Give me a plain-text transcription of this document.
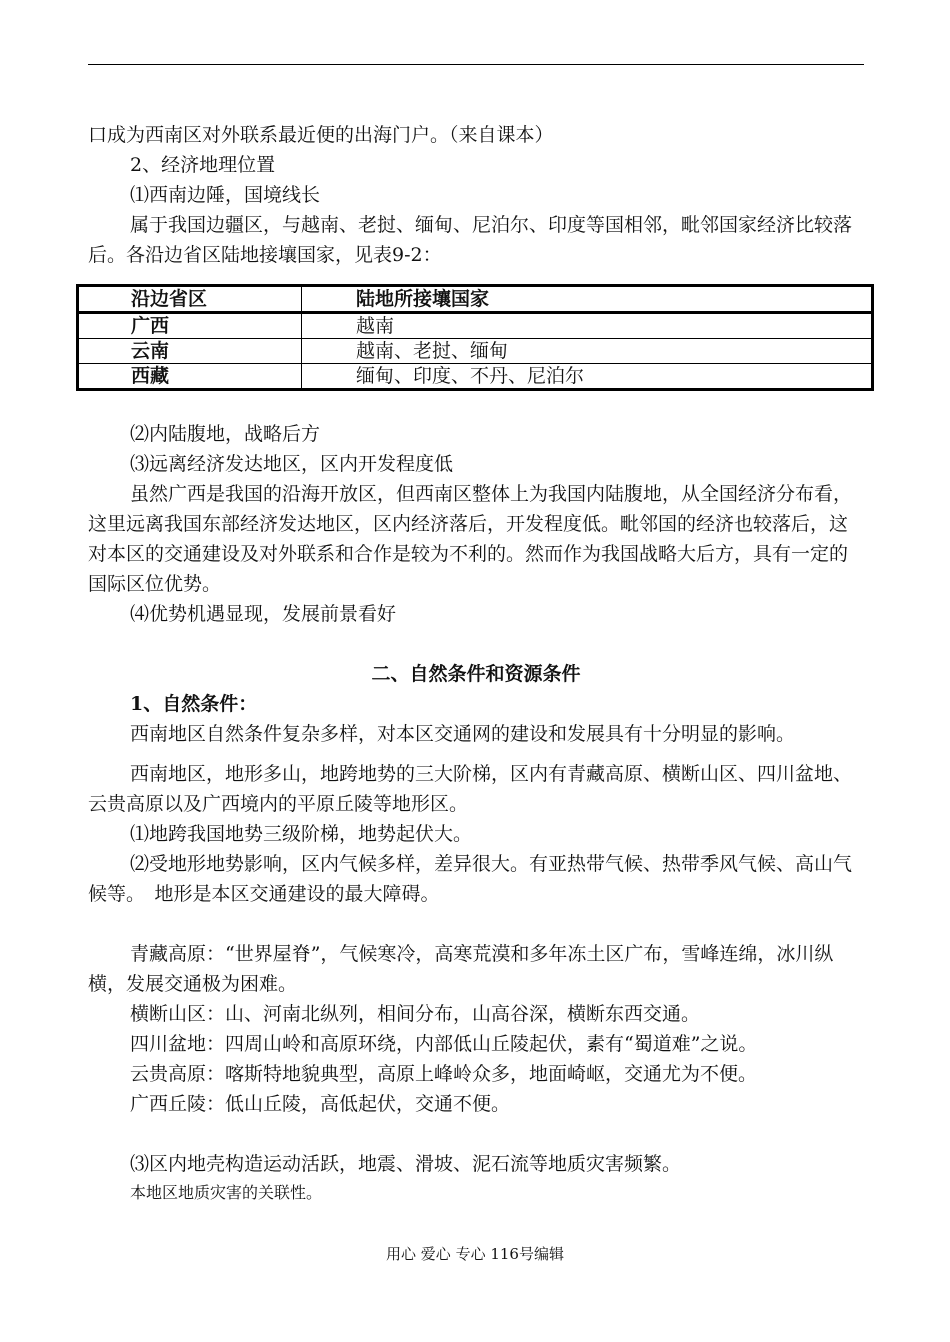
口成为西南区对外联系最近便的出海门户。（来自课本）

2、经济地理位置

⑴西南边陲，国境线长

属于我国边疆区，与越南、老挝、缅甸、尼泊尔、印度等国相邻，毗邻国家经济比较落后。各沿边省区陆地接壤国家，见表9-2：

沿边省区	陆地所接壤国家
广西	越南
云南	越南、老挝、缅甸
西藏	缅甸、印度、不丹、尼泊尔

⑵内陆腹地，战略后方

⑶远离经济发达地区，区内开发程度低

虽然广西是我国的沿海开放区，但西南区整体上为我国内陆腹地，从全国经济分布看，这里远离我国东部经济发达地区，区内经济落后，开发程度低。毗邻国的经济也较落后，这对本区的交通建设及对外联系和合作是较为不利的。然而作为我国战略大后方，具有一定的国际区位优势。

⑷优势机遇显现，发展前景看好

二、自然条件和资源条件

1、自然条件：

西南地区自然条件复杂多样，对本区交通网的建设和发展具有十分明显的影响。

西南地区，地形多山，地跨地势的三大阶梯，区内有青藏高原、横断山区、四川盆地、云贵高原以及广西境内的平原丘陵等地形区。

⑴地跨我国地势三级阶梯，地势起伏大。

⑵受地形地势影响，区内气候多样，差异很大。有亚热带气候、热带季风气候、高山气候等。　地形是本区交通建设的最大障碍。

青藏高原：“世界屋脊”，气候寒冷，高寒荒漠和多年冻土区广布，雪峰连绵，冰川纵横，发展交通极为困难。

横断山区：山、河南北纵列，相间分布，山高谷深，横断东西交通。

四川盆地：四周山岭和高原环绕，内部低山丘陵起伏，素有“蜀道难”之说。

云贵高原：喀斯特地貌典型，高原上峰岭众多，地面崎岖，交通尤为不便。

广西丘陵：低山丘陵，高低起伏，交通不便。

⑶区内地壳构造运动活跃，地震、滑坡、泥石流等地质灾害频繁。

本地区地质灾害的关联性。

用心 爱心 专心 116号编辑
